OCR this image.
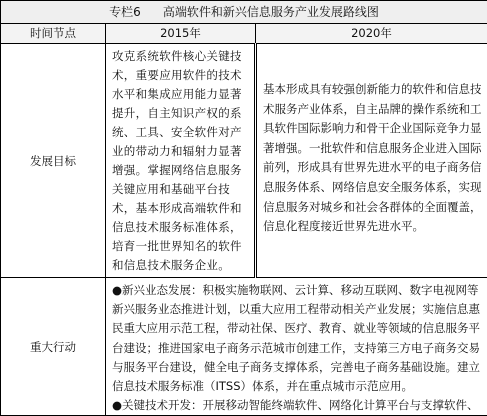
专栏6 高端软件和新兴信息服务产业发展路线图		
时间节点	2015年	2020年
发展目标	攻克系统软件核心关键技术，重要应用软件的技术水平和集成应用能力显著提升，自主知识产权的系统、工具、安全软件对产业的带动力和辐射力显著增强。掌握网络信息服务关键应用和基础平台技术，基本形成高端软件和信息技术服务标准体系，培育一批世界知名的软件和信息技术服务企业。	基本形成具有较强创新能力的软件和信息技术服务产业体系，自主品牌的操作系统和工具软件国际影响力和骨干企业国际竞争力显著增强。一批软件和信息服务企业进入国际前列，形成具有世界先进水平的电子商务信息服务体系、网络信息安全服务体系，实现信息服务对城乡和社会各群体的全面覆盖，信息化程度接近世界先进水平。
重大行动	●新兴业态发展：积极实施物联网、云计算、移动互联网、数字电视网等新兴服务业态推进计划，以重大应用工程带动相关产业发展；实施信息惠民重大应用示范工程，带动社保、医疗、教育、就业等领域的信息服务平台建设；推进国家电子商务示范城市创建工作，支持第三方电子商务交易与服务平台建设，健全电子商务支撑体系，完善电子商务基础设施。建立信息技术服务标准（ITSS）体系，并在重点城市示范应用。

●关键技术开发：开展移动智能终端软件、网络化计算平台与支撑软件、	
